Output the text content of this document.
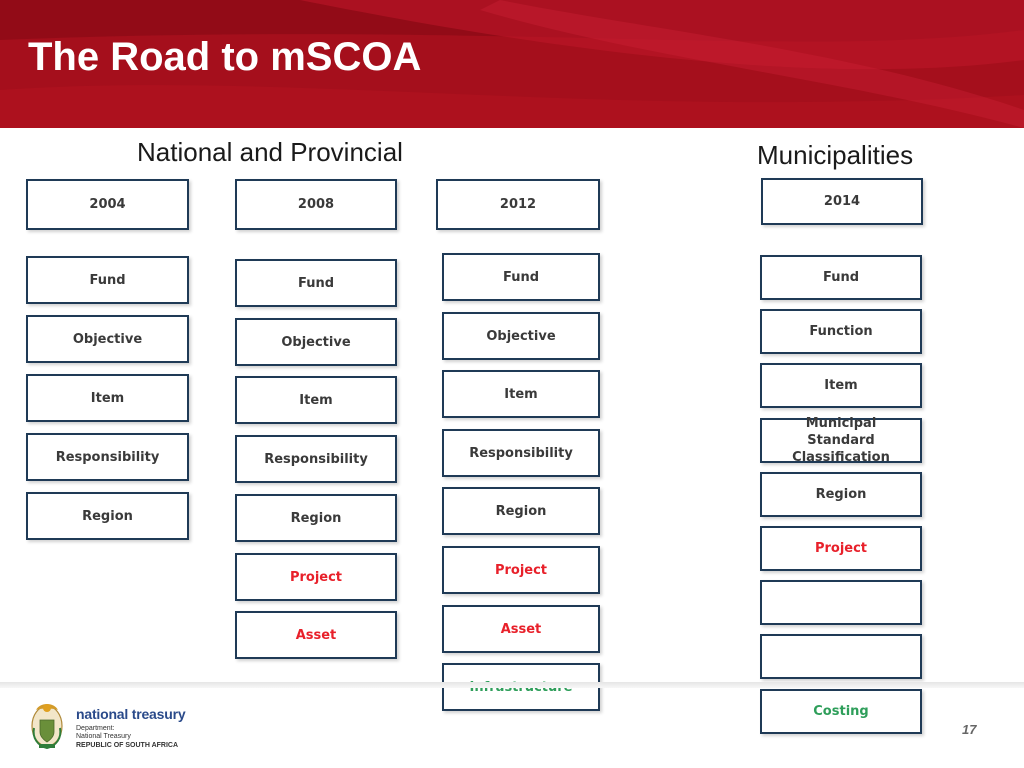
The Road to mSCOA
National and Provincial	Municipalities
2004
Fund
Objective
Item
Responsibility
Region
2008
Fund
Objective
Item
Responsibility
Region
Project
Asset
2012
Fund
Objective
Item
Responsibility
Region
Project
Asset
2014
Fund
Function
Item
Municipal Standard Classification
Region
Project
Costing
national treasury
Department:
National Treasury
REPUBLIC OF SOUTH AFRICA
17
